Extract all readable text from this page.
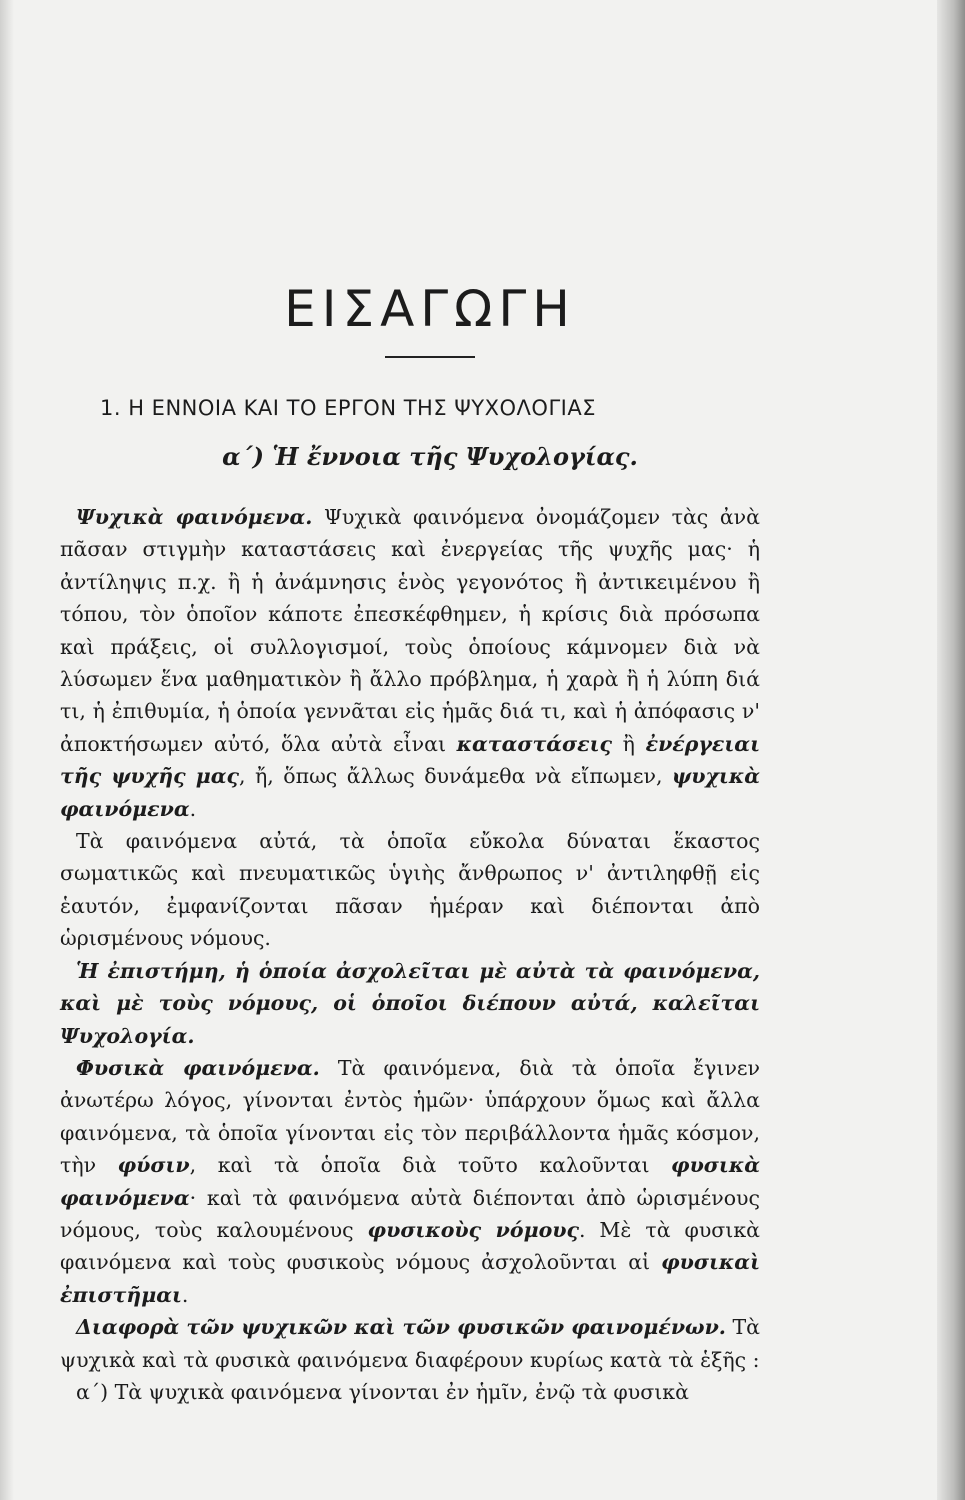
ΕΙΣΑΓΩΓΗ
1. Η ΕΝΝΟΙΑ ΚΑΙ ΤΟ ΕΡΓΟΝ ΤΗΣ ΨΥΧΟΛΟΓΙΑΣ
α΄) Ἡ ἔννοια τῆς Ψυχολογίας.

Ψυχικὰ φαινόμενα. Ψυχικὰ φαινόμενα ὀνομάζομεν τὰς ἀνὰ πᾶσαν στιγμὴν καταστάσεις καὶ ἐνεργείας τῆς ψυχῆς μας· ἡ ἀντίληψις π.χ. ἢ ἡ ἀνάμνησις ἑνὸς γεγονότος ἢ ἀντικειμένου ἢ τόπου, τὸν ὁποῖον κάποτε ἐπεσκέφθημεν, ἡ κρίσις διὰ πρόσωπα καὶ πράξεις, οἱ συλλογισμοί, τοὺς ὁποίους κάμνομεν διὰ νὰ λύσωμεν ἕνα μαθηματικὸν ἢ ἄλλο πρόβλημα, ἡ χαρὰ ἢ ἡ λύπη διά τι, ἡ ἐπιθυμία, ἡ ὁποία γεννᾶται εἰς ἡμᾶς διά τι, καὶ ἡ ἀπόφασις ν' ἀποκτήσωμεν αὐτό, ὅλα αὐτὰ εἶναι καταστάσεις ἢ ἐνέργειαι τῆς ψυχῆς μας, ἤ, ὅπως ἄλλως δυνάμεθα νὰ εἴπωμεν, ψυχικὰ φαινόμενα.

Τὰ φαινόμενα αὐτά, τὰ ὁποῖα εὔκολα δύναται ἕκαστος σωματικῶς καὶ πνευματικῶς ὑγιὴς ἄνθρωπος ν' ἀντιληφθῇ εἰς ἑαυτόν, ἐμφανίζονται πᾶσαν ἡμέραν καὶ διέπονται ἀπὸ ὡρισμένους νόμους.

Ἡ ἐπιστήμη, ἡ ὁποία ἀσχολεῖται μὲ αὐτὰ τὰ φαινόμενα, καὶ μὲ τοὺς νόμους, οἱ ὁποῖοι διέπουν αὐτά, καλεῖται Ψυχολογία.

Φυσικὰ φαινόμενα. Τὰ φαινόμενα, διὰ τὰ ὁποῖα ἔγινεν ἀνωτέρω λόγος, γίνονται ἐντὸς ἡμῶν· ὑπάρχουν ὅμως καὶ ἄλλα φαινόμενα, τὰ ὁποῖα γίνονται εἰς τὸν περιβάλλοντα ἡμᾶς κόσμον, τὴν φύσιν, καὶ τὰ ὁποῖα διὰ τοῦτο καλοῦνται φυσικὰ φαινόμενα· καὶ τὰ φαινόμενα αὐτὰ διέπονται ἀπὸ ὡρισμένους νόμους, τοὺς καλουμένους φυσικοὺς νόμους. Μὲ τὰ φυσικὰ φαινόμενα καὶ τοὺς φυσικοὺς νόμους ἀσχολοῦνται αἱ φυσικαὶ ἐπιστῆμαι.

Διαφορὰ τῶν ψυχικῶν καὶ τῶν φυσικῶν φαινομένων. Τὰ ψυχικὰ καὶ τὰ φυσικὰ φαινόμενα διαφέρουν κυρίως κατὰ τὰ ἑξῆς :

α΄) Τὰ ψυχικὰ φαινόμενα γίνονται ἐν ἡμῖν, ἐνῷ τὰ φυσικὰ
